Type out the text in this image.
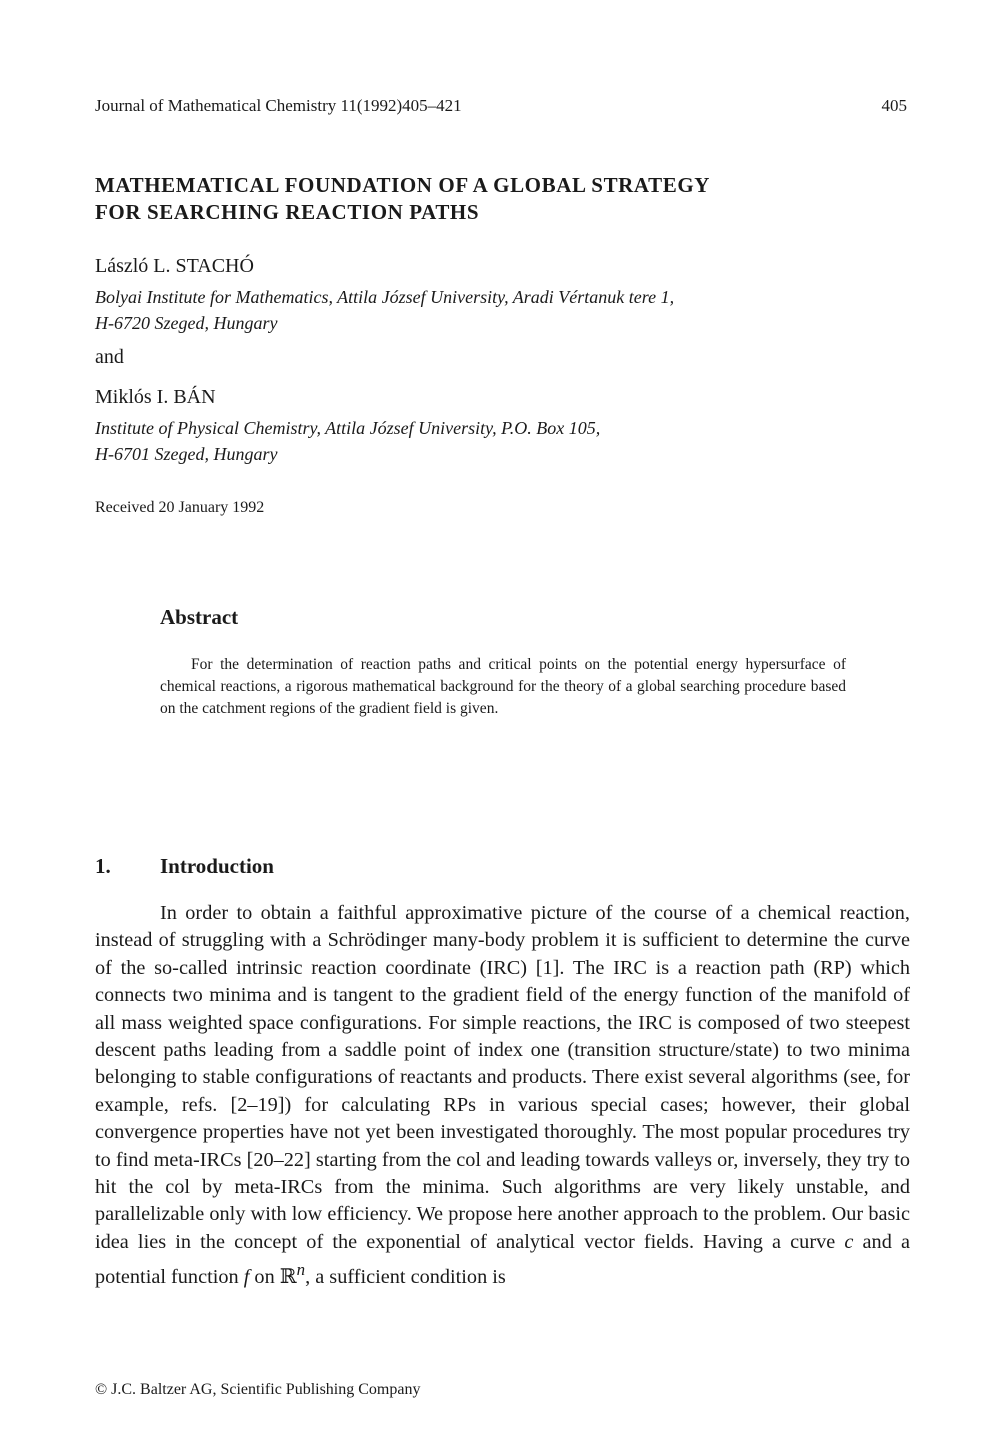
Journal of Mathematical Chemistry 11(1992)405–421	405
MATHEMATICAL FOUNDATION OF A GLOBAL STRATEGY
FOR SEARCHING REACTION PATHS
László L. STACHÓ
Bolyai Institute for Mathematics, Attila József University, Aradi Vértanuk tere 1,
H-6720 Szeged, Hungary
and
Miklós I. BÁN
Institute of Physical Chemistry, Attila József University, P.O. Box 105,
H-6701 Szeged, Hungary
Received 20 January 1992
Abstract
For the determination of reaction paths and critical points on the potential energy hypersurface of chemical reactions, a rigorous mathematical background for the theory of a global searching procedure based on the catchment regions of the gradient field is given.
1. Introduction
In order to obtain a faithful approximative picture of the course of a chemical reaction, instead of struggling with a Schrödinger many-body problem it is sufficient to determine the curve of the so-called intrinsic reaction coordinate (IRC) [1]. The IRC is a reaction path (RP) which connects two minima and is tangent to the gradient field of the energy function of the manifold of all mass weighted space configurations. For simple reactions, the IRC is composed of two steepest descent paths leading from a saddle point of index one (transition structure/state) to two minima belonging to stable configurations of reactants and products. There exist several algorithms (see, for example, refs. [2–19]) for calculating RPs in various special cases; however, their global convergence properties have not yet been investigated thoroughly. The most popular procedures try to find meta-IRCs [20–22] starting from the col and leading towards valleys or, inversely, they try to hit the col by meta-IRCs from the minima. Such algorithms are very likely unstable, and parallelizable only with low efficiency. We propose here another approach to the problem. Our basic idea lies in the concept of the exponential of analytical vector fields. Having a curve c and a potential function f on ℝ$^n$, a sufficient condition is
© J.C. Baltzer AG, Scientific Publishing Company
